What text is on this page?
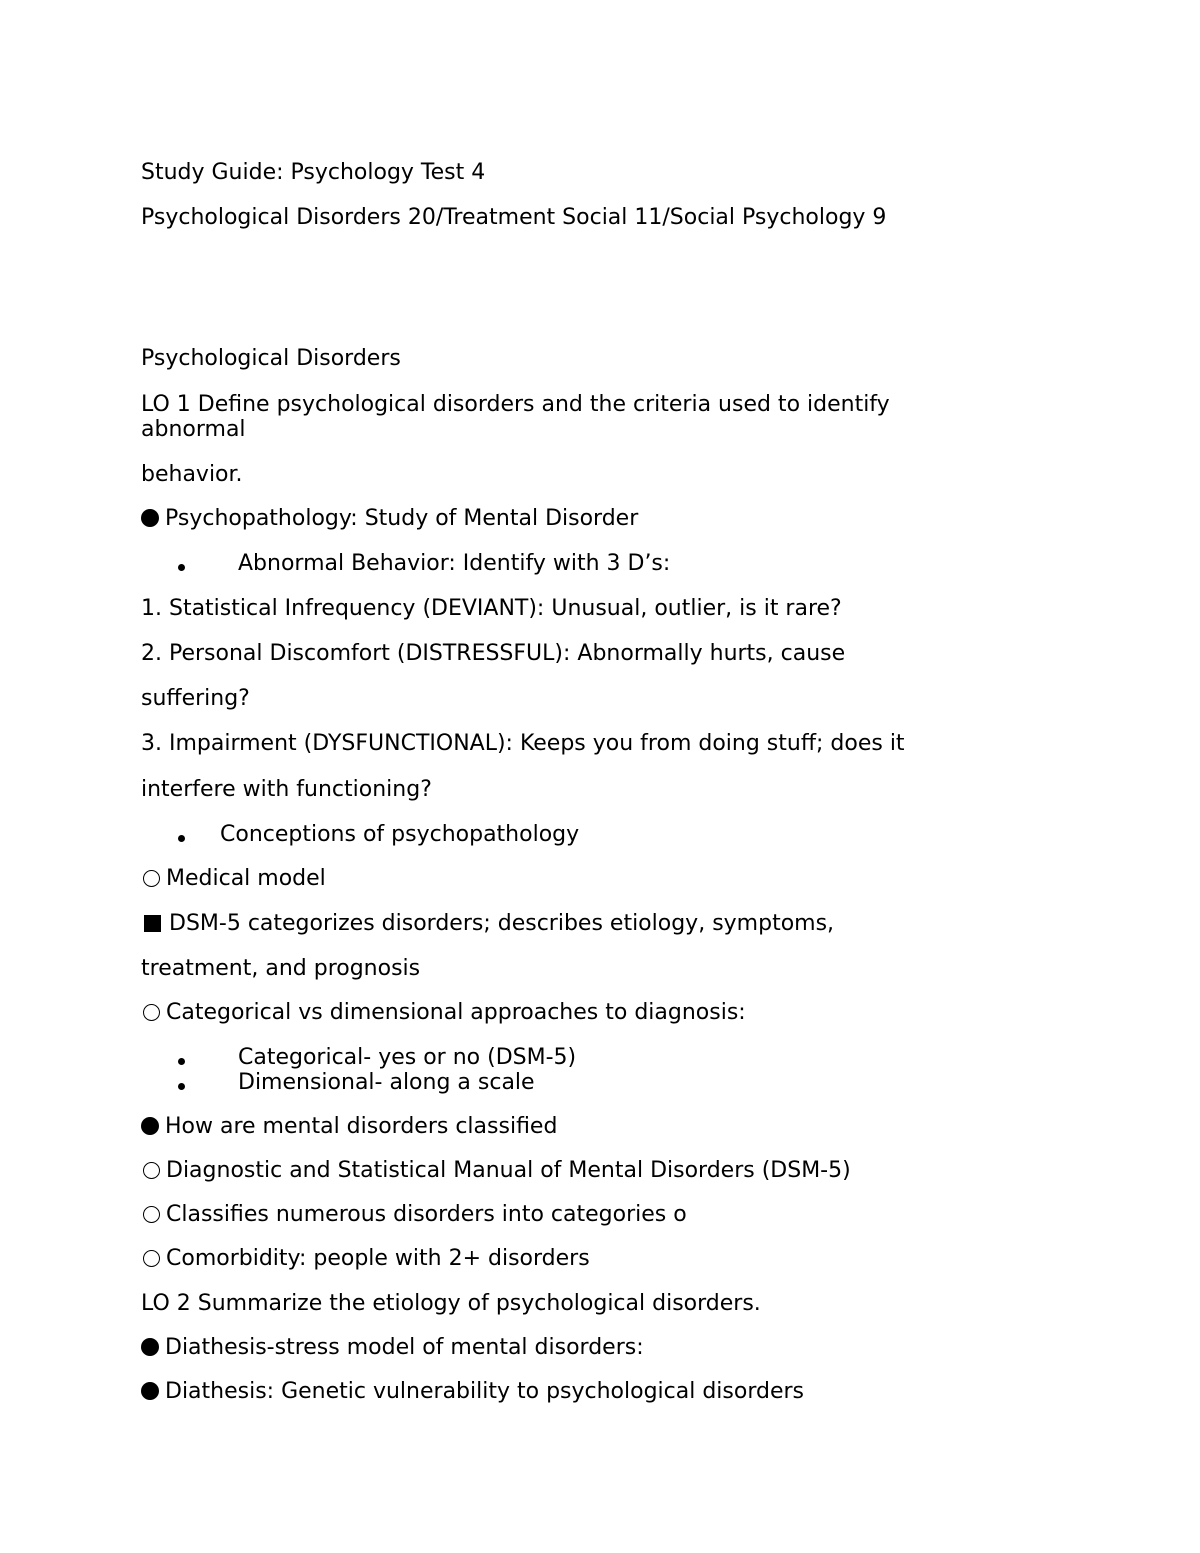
Study Guide: Psychology Test 4
Psychological Disorders 20/Treatment Social 11/Social Psychology 9
Psychological Disorders
LO 1 Define psychological disorders and the criteria used to identify
abnormal
behavior.
Psychopathology: Study of Mental Disorder
Abnormal Behavior: Identify with 3 D’s:
1. Statistical Infrequency (DEVIANT): Unusual, outlier, is it rare?
2. Personal Discomfort (DISTRESSFUL): Abnormally hurts, cause
suffering?
3. Impairment (DYSFUNCTIONAL): Keeps you from doing stuff; does it
interfere with functioning?
Conceptions of psychopathology
Medical model
DSM-5 categorizes disorders; describes etiology, symptoms,
treatment, and prognosis
Categorical vs dimensional approaches to diagnosis:
Categorical- yes or no (DSM-5)
Dimensional- along a scale
How are mental disorders classified
Diagnostic and Statistical Manual of Mental Disorders (DSM-5)
Classifies numerous disorders into categories o
Comorbidity: people with 2+ disorders
LO 2 Summarize the etiology of psychological disorders.
Diathesis-stress model of mental disorders:
Diathesis: Genetic vulnerability to psychological disorders
